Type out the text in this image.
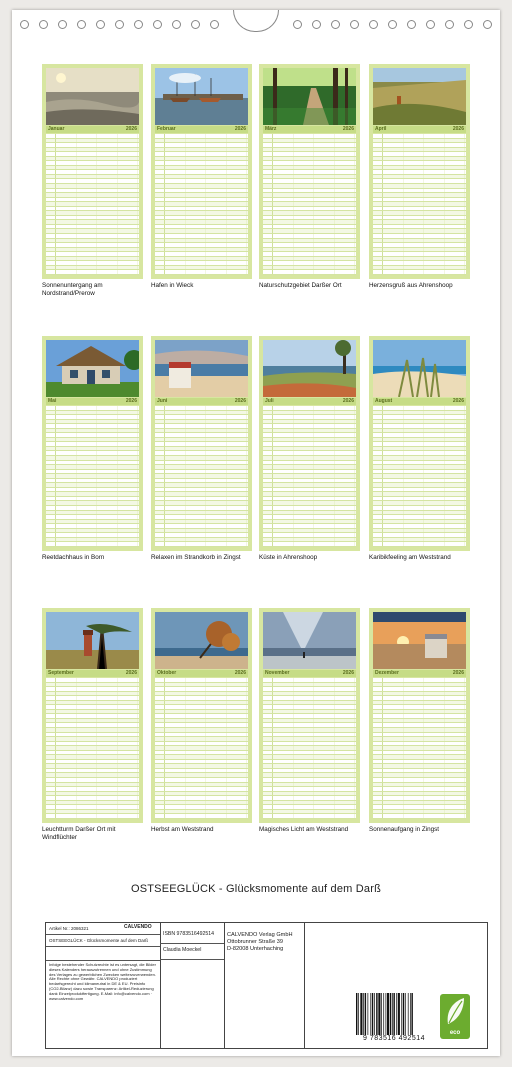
Januar	2026
Sonnenuntergang am Nordstrand/Prerow
Februar	2026
Hafen in Wieck
März	2026
Naturschutzgebiet Darßer Ort
April	2026
Herzensgruß aus Ahrenshoop
Mai	2026
Reetdachhaus in Born
Juni	2026
Relaxen im Strandkorb in Zingst
Juli	2026
Küste in Ahrenshoop
August	2026
Karibikfeeling am Weststrand
September	2026
Leuchtturm Darßer Ort mit Windflüchter
Oktober	2026
Herbst am Weststrand
November	2026
Magisches Licht am Weststrand
Dezember	2026
Sonnenaufgang in Zingst
OSTSEEGLÜCK - Glücksmomente auf dem Darß
Artikel Nr.: 2086321	CALVENDO
OSTSEEGLÜCK - Glücksmomente auf dem Darß
Infolge bestehender Schutzrechte ist es untersagt, die Bilder dieses Kalenders herauszutrennen und ohne Zustimmung des Verlages zu gewerblichen Zwecken weiterzuverwenden. Alle Rechte ohne Gewähr. CALVENDO produziert bedarfsgerecht und klimaneutral in DE & EU. Preisinfo (CO2-Bilanz) dazu sowie Transparenz: Artikel-Reduzierung dank Einzelproduktfertigung. E-Mail: info@calvendo.com · www.calvendo.com
ISBN 9783516492514
Claudia Moeckel
CALVENDO Verlag GmbH
Ottobrunner Straße 39
D-82008 Unterhaching
9 783516 492514
eco
